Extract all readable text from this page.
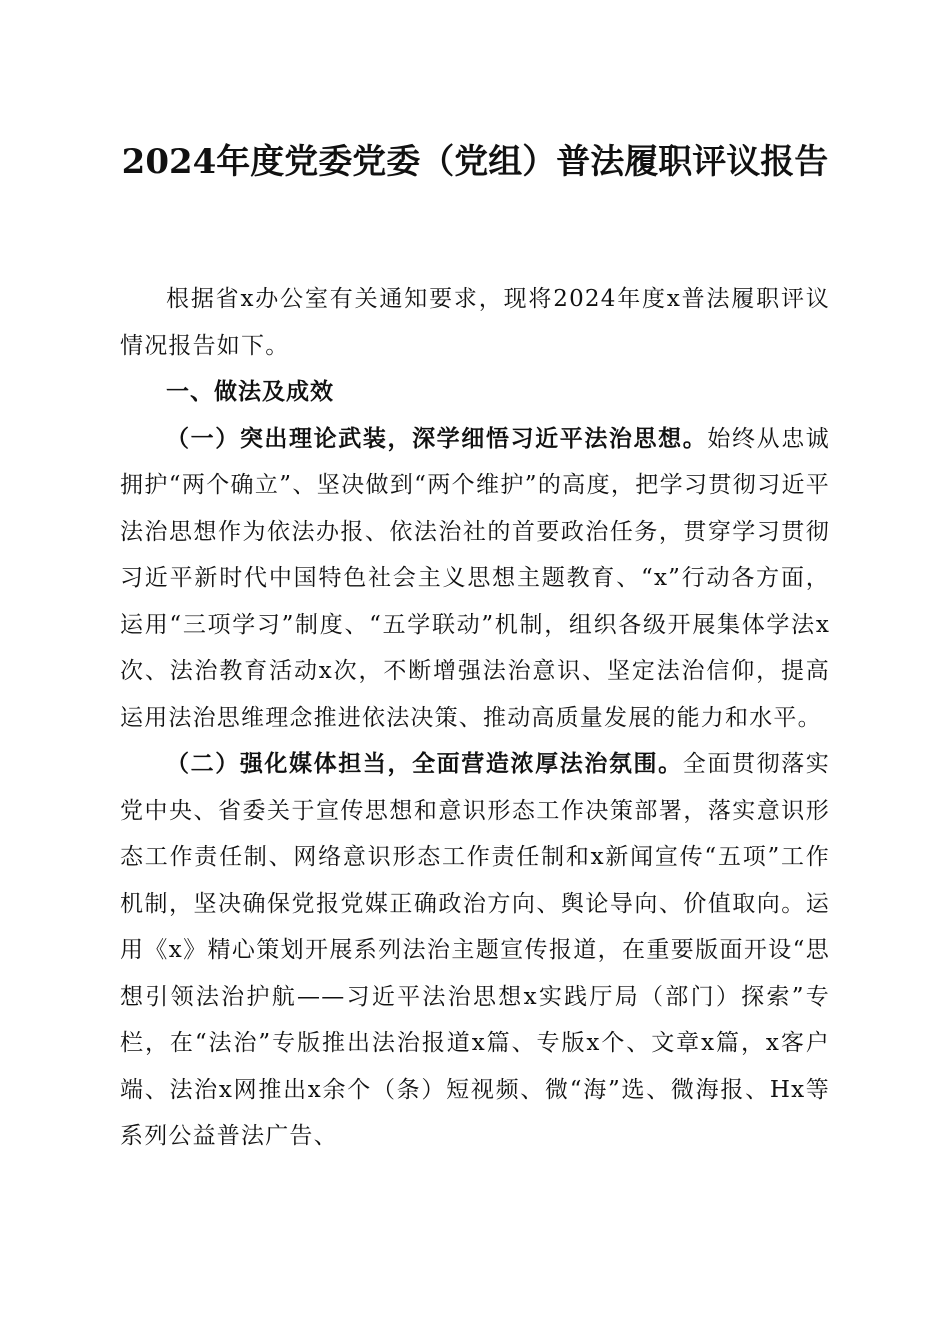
2024年度党委党委（党组）普法履职评议报告

根据省x办公室有关通知要求，现将2024年度x普法履职评议情况报告如下。

一、做法及成效

（一）突出理论武装，深学细悟习近平法治思想。始终从忠诚拥护“两个确立”、坚决做到“两个维护”的高度，把学习贯彻习近平法治思想作为依法办报、依法治社的首要政治任务，贯穿学习贯彻习近平新时代中国特色社会主义思想主题教育、“x”行动各方面，运用“三项学习”制度、“五学联动”机制，组织各级开展集体学法x次、法治教育活动x次，不断增强法治意识、坚定法治信仰，提高运用法治思维理念推进依法决策、推动高质量发展的能力和水平。

（二）强化媒体担当，全面营造浓厚法治氛围。全面贯彻落实党中央、省委关于宣传思想和意识形态工作决策部署，落实意识形态工作责任制、网络意识形态工作责任制和x新闻宣传“五项”工作机制，坚决确保党报党媒正确政治方向、舆论导向、价值取向。运用《x》精心策划开展系列法治主题宣传报道，在重要版面开设“思想引领法治护航——习近平法治思想x实践厅局（部门）探索”专栏，在“法治”专版推出法治报道x篇、专版x个、文章x篇，x客户端、法治x网推出x余个（条）短视频、微“海”选、微海报、Hx等系列公益普法广告、
